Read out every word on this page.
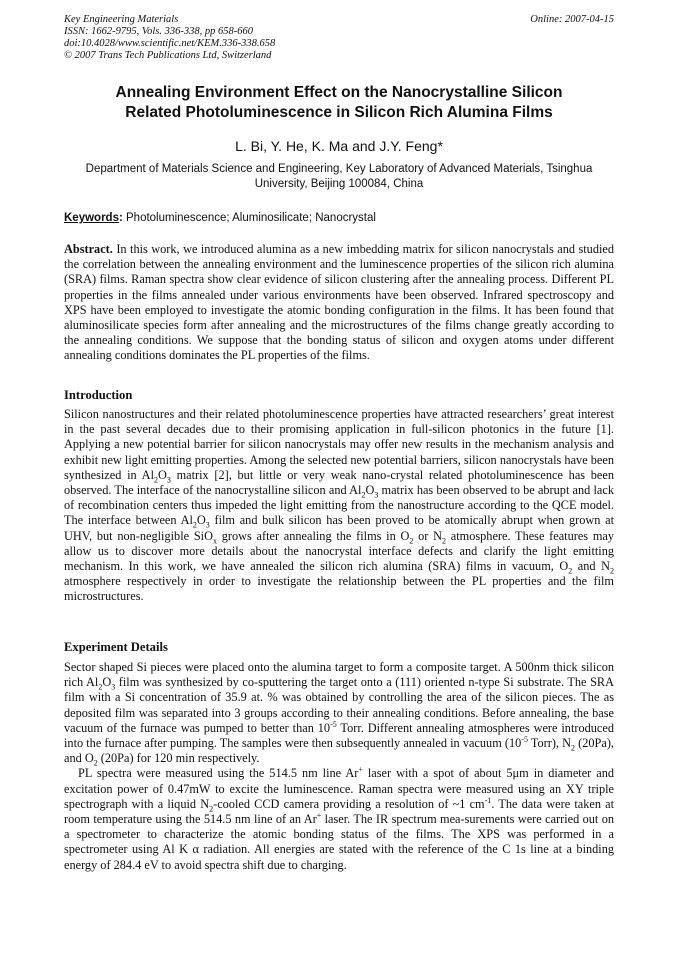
Key Engineering Materials
ISSN: 1662-9795, Vols. 336-338, pp 658-660
doi:10.4028/www.scientific.net/KEM.336-338.658
© 2007 Trans Tech Publications Ltd, Switzerland
Online: 2007-04-15
Annealing Environment Effect on the Nanocrystalline Silicon
Related Photoluminescence in Silicon Rich Alumina Films
L. Bi, Y. He, K. Ma and J.Y. Feng*
Department of Materials Science and Engineering, Key Laboratory of Advanced Materials, Tsinghua
University, Beijing 100084, China
Keywords: Photoluminescence; Aluminosilicate; Nanocrystal

Abstract. In this work, we introduced alumina as a new imbedding matrix for silicon nanocrystals and studied the correlation between the annealing environment and the luminescence properties of the silicon rich alumina (SRA) films. Raman spectra show clear evidence of silicon clustering after the annealing process. Different PL properties in the films annealed under various environments have been observed. Infrared spectroscopy and XPS have been employed to investigate the atomic bonding configuration in the films. It has been found that aluminosilicate species form after annealing and the microstructures of the films change greatly according to the annealing conditions. We suppose that the bonding status of silicon and oxygen atoms under different annealing conditions dominates the PL properties of the films.

Introduction

Silicon nanostructures and their related photoluminescence properties have attracted researchers’ great interest in the past several decades due to their promising application in full-silicon photonics in the future [1]. Applying a new potential barrier for silicon nanocrystals may offer new results in the mechanism analysis and exhibit new light emitting properties. Among the selected new potential barriers, silicon nanocrystals have been synthesized in $Al_2O_3$ matrix [2], but little or very weak nano-crystal related photoluminescence has been observed. The interface of the nanocrystalline silicon and $Al_2O_3$ matrix has been observed to be abrupt and lack of recombination centers thus impeded the light emitting from the nanostructure according to the QCE model. The interface between $Al_2O_3$ film and bulk silicon has been proved to be atomically abrupt when grown at UHV, but non-negligible SiO$_x$ grows after annealing the films in $O_2$ or $N_2$ atmosphere. These features may allow us to discover more details about the nanocrystal interface defects and clarify the light emitting mechanism. In this work, we have annealed the silicon rich alumina (SRA) films in vacuum, $O_2$ and $N_2$ atmosphere respectively in order to investigate the relationship between the PL properties and the film microstructures.

Experiment Details

Sector shaped Si pieces were placed onto the alumina target to form a composite target. A 500nm thick silicon rich $Al_2O_3$ film was synthesized by co-sputtering the target onto a (111) oriented n-type Si substrate. The SRA film with a Si concentration of 35.9 at. % was obtained by controlling the area of the silicon pieces. The as deposited film was separated into 3 groups according to their annealing conditions. Before annealing, the base vacuum of the furnace was pumped to better than $10^{-5}$ Torr. Different annealing atmospheres were introduced into the furnace after pumping. The samples were then subsequently annealed in vacuum ($10^{-5}$ Torr), $N_2$ (20Pa), and $O_2$ (20Pa) for 120 min respectively.

PL spectra were measured using the 514.5 nm line Ar+ laser with a spot of about 5μm in diameter and excitation power of 0.47mW to excite the luminescence. Raman spectra were measured using an XY triple spectrograph with a liquid $N_2$-cooled CCD camera providing a resolution of ~1 $cm^{-1}$. The data were taken at room temperature using the 514.5 nm line of an Ar+ laser. The IR spectrum mea-surements were carried out on a spectrometer to characterize the atomic bonding status of the films. The XPS was performed in a spectrometer using Al K α radiation. All energies are stated with the reference of the C 1s line at a binding energy of 284.4 eV to avoid spectra shift due to charging.
